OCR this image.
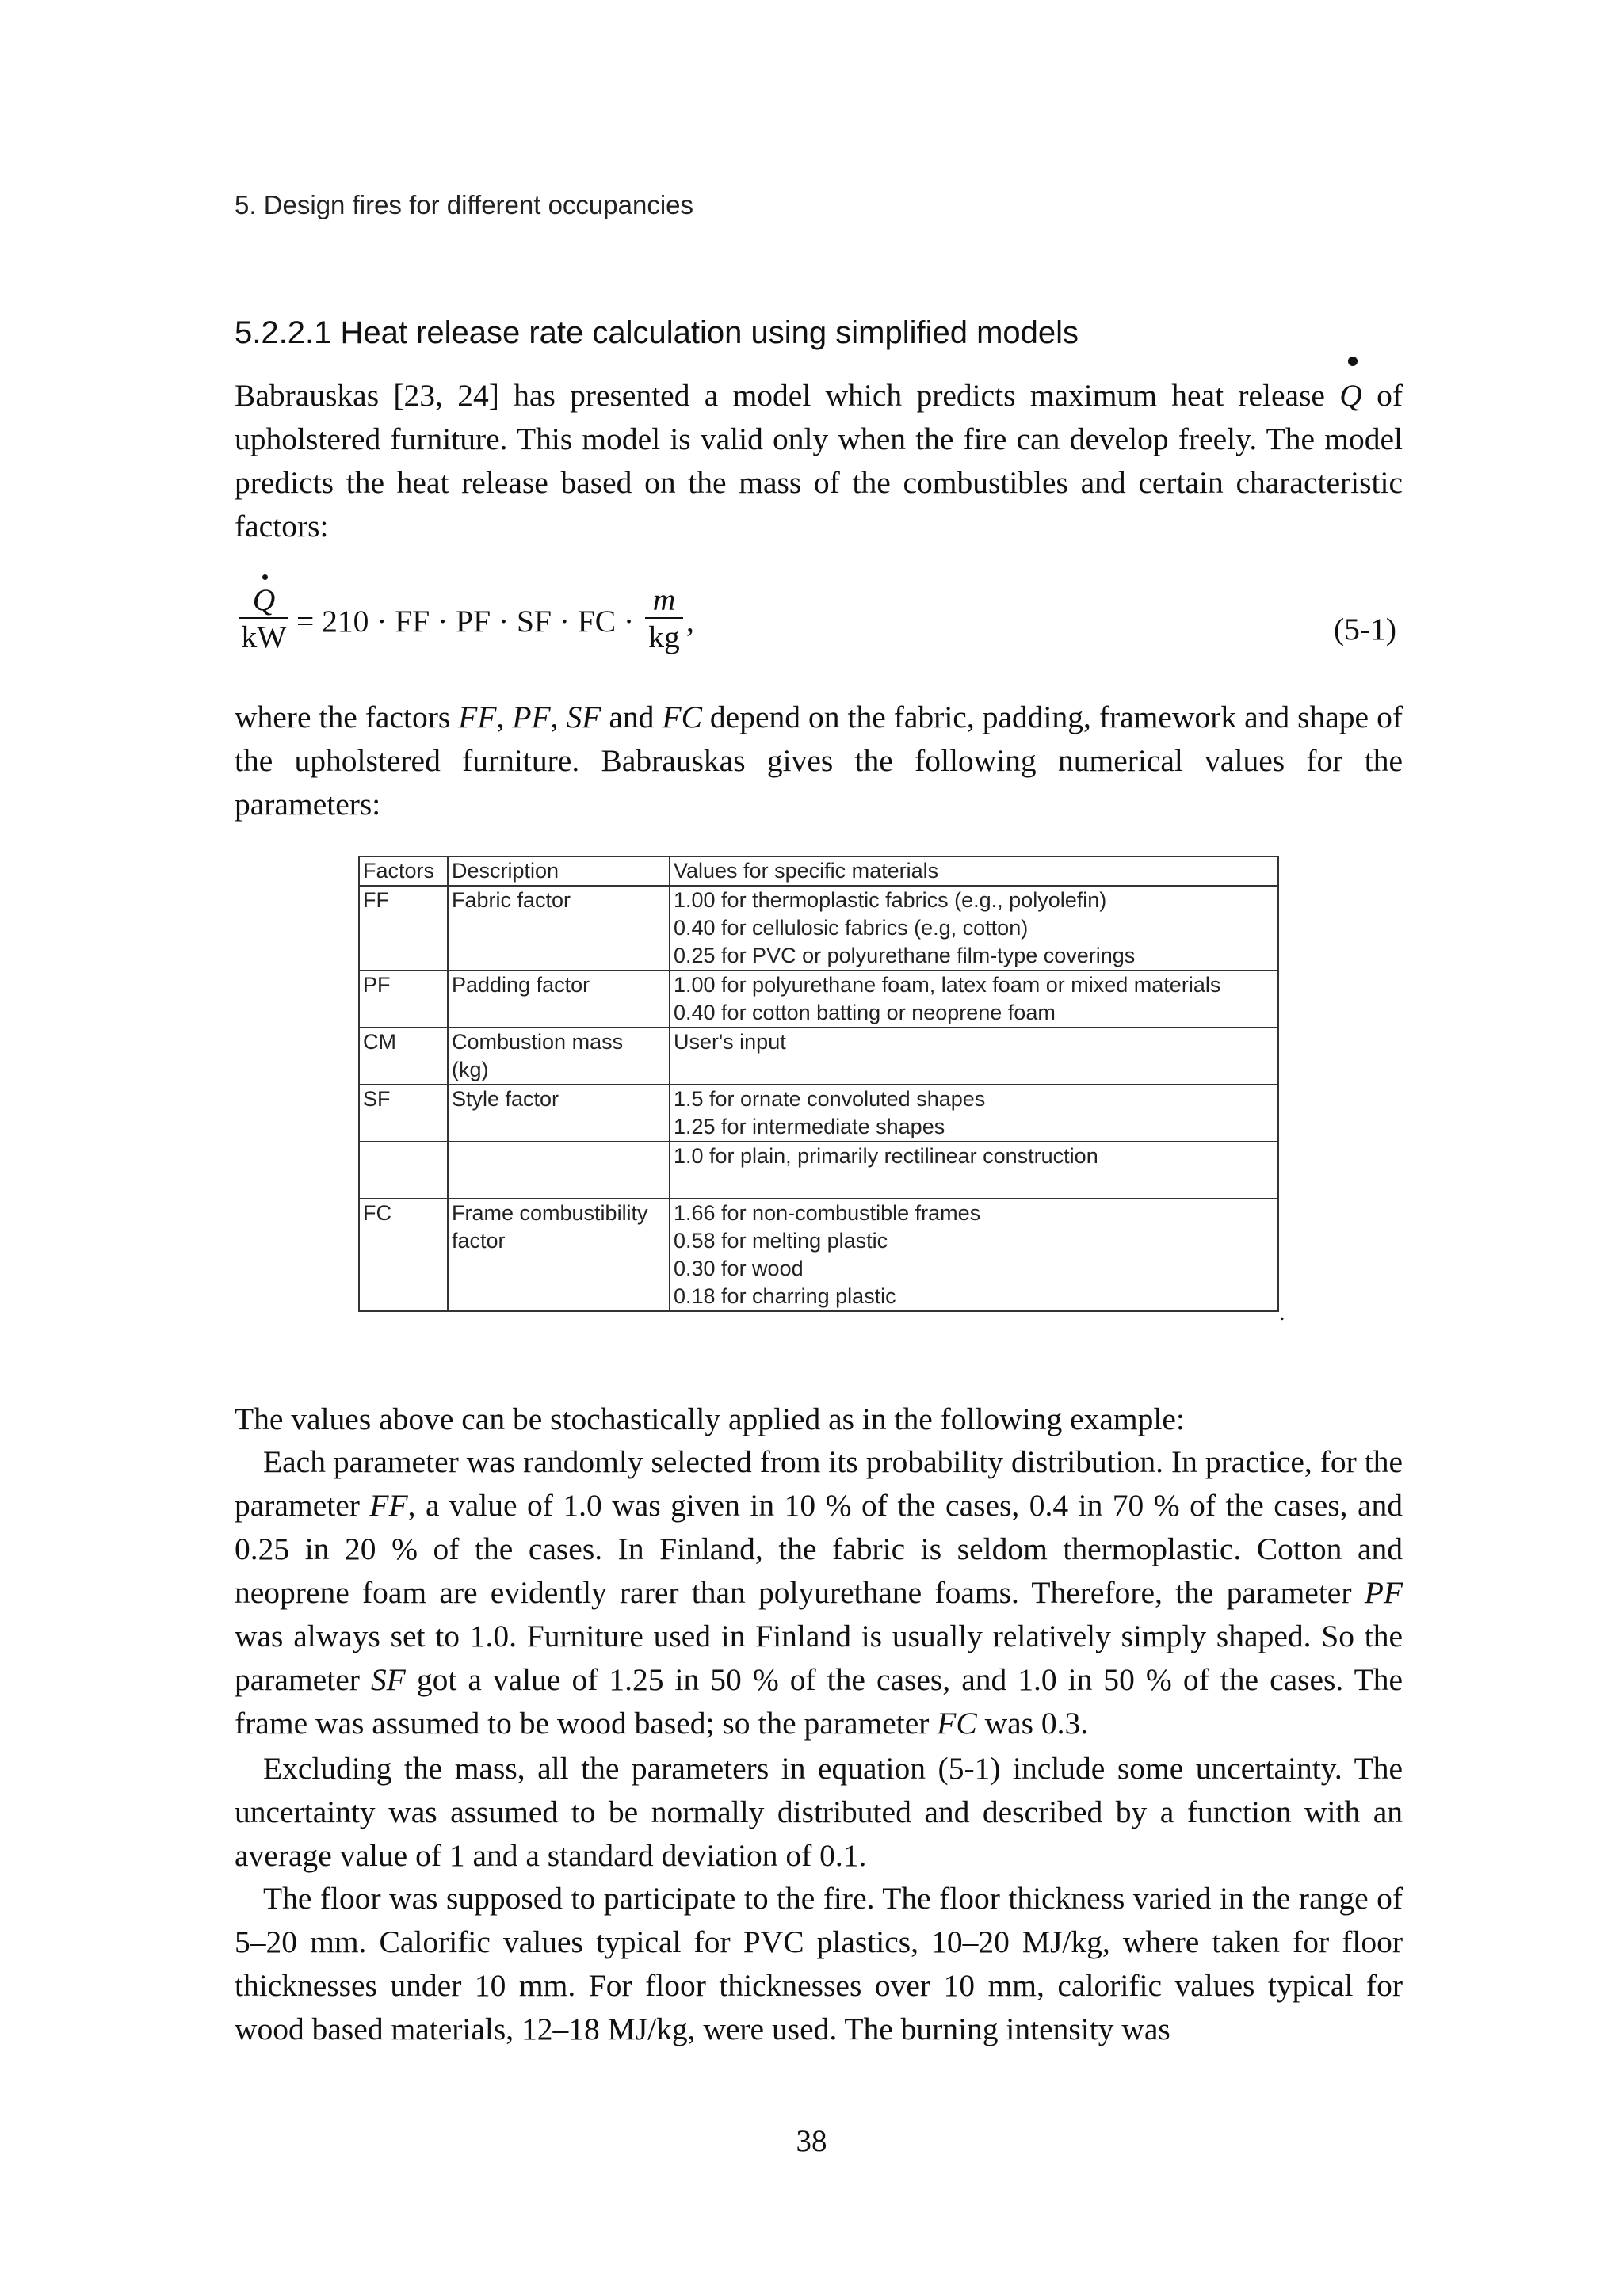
5. Design fires for different occupancies
5.2.2.1 Heat release rate calculation using simplified models

Babrauskas [23, 24] has presented a model which predicts maximum heat release Q of upholstered furniture. This model is valid only when the fire can develop freely. The model predicts the heat release based on the mass of the combustibles and certain characteristic factors:

Q
kW = 210 · FF · PF · SF · FC ·
m
kg ,	(5-1)

where the factors FF, PF, SF and FC depend on the fabric, padding, framework and shape of the upholstered furniture. Babrauskas gives the following numerical values for the parameters:

Factors	Description	Values for specific materials
FF	Fabric factor	1.00 for thermoplastic fabrics (e.g., polyolefin)
0.40 for cellulosic fabrics (e.g, cotton)
0.25 for PVC or polyurethane film-type coverings

PF	Padding factor	1.00 for polyurethane foam, latex foam or mixed materials
0.40 for cotton batting or neoprene foam

CM	Combustion mass (kg)	User's input

SF	Style factor	1.5 for ornate convoluted shapes
1.25 for intermediate shapes

		1.0 for plain, primarily rectilinear construction

FC	Frame combustibility factor	1.66 for non-combustible frames
0.58 for melting plastic
0.30 for wood
0.18 for charring plastic
.

The values above can be stochastically applied as in the following example:

Each parameter was randomly selected from its probability distribution. In practice, for the parameter FF, a value of 1.0 was given in 10 % of the cases, 0.4 in 70 % of the cases, and 0.25 in 20 % of the cases. In Finland, the fabric is seldom thermoplastic. Cotton and neoprene foam are evidently rarer than polyurethane foams. Therefore, the parameter PF was always set to 1.0. Furniture used in Finland is usually relatively simply shaped. So the parameter SF got a value of 1.25 in 50 % of the cases, and 1.0 in 50 % of the cases. The frame was assumed to be wood based; so the parameter FC was 0.3.

Excluding the mass, all the parameters in equation (5-1) include some uncertainty. The uncertainty was assumed to be normally distributed and described by a function with an average value of 1 and a standard deviation of 0.1.

The floor was supposed to participate to the fire. The floor thickness varied in the range of 5–20 mm. Calorific values typical for PVC plastics, 10–20 MJ/kg, where taken for floor thicknesses under 10 mm. For floor thicknesses over 10 mm, calorific values typical for wood based materials, 12–18 MJ/kg, were used. The burning intensity was

38
